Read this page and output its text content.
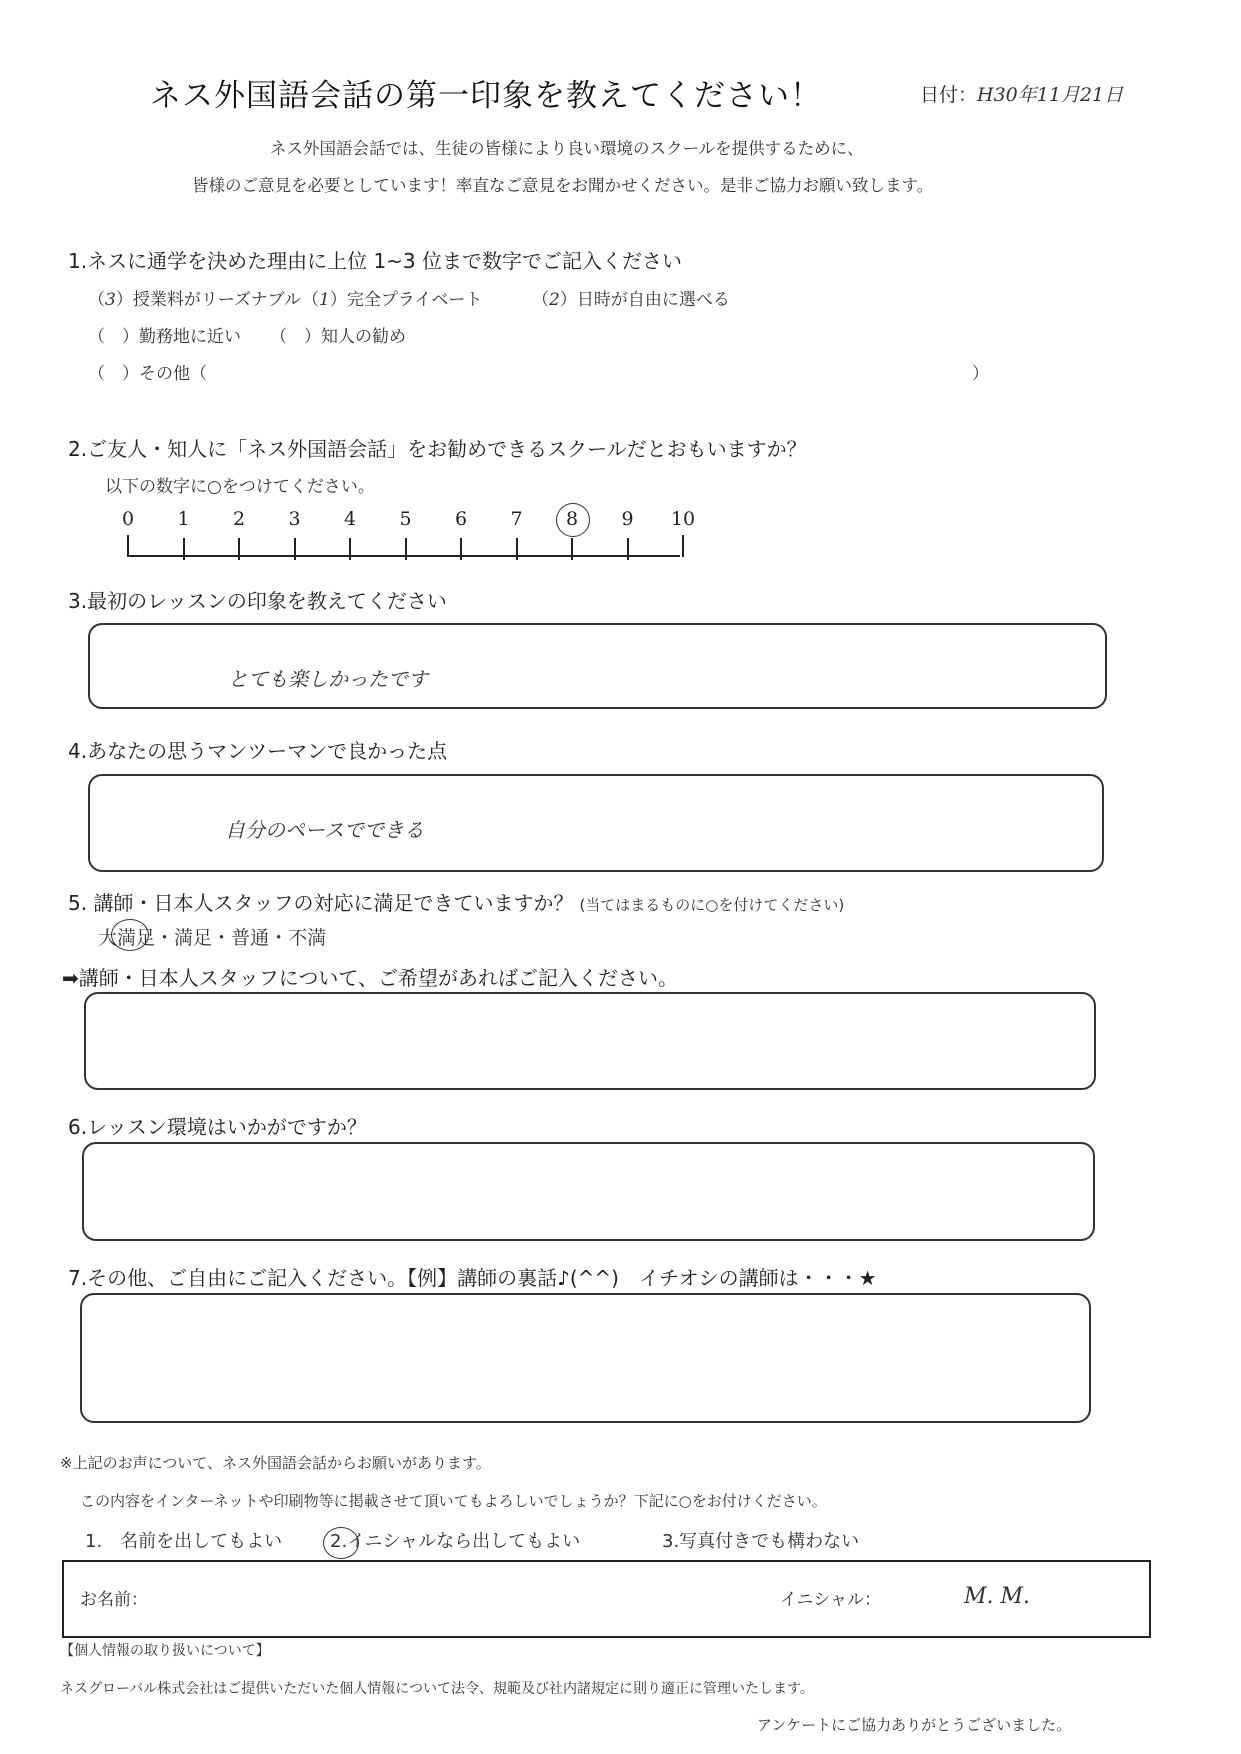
ネス外国語会話の第一印象を教えてください！	日付：H30年11月21日
ネス外国語会話では、生徒の皆様により良い環境のスクールを提供するために、
皆様のご意見を必要としています！率直なご意見をお聞かせください。是非ご協力お願い致します。
1.ネスに通学を決めた理由に上位 1~3 位まで数字でご記入ください
（3）授業料がリーズナブル （1）完全プライベート	（2）日時が自由に選べる
（　）勤務地に近い （　）知人の勧め
（　）その他（	）
2.ご友人・知人に「ネス外国語会話」をお勧めできるスクールだとおもいますか？
以下の数字に○をつけてください。
0	1	2	3	4	5	6	7	8	9	10
3.最初のレッスンの印象を教えてください
とても楽しかったです
4.あなたの思うマンツーマンで良かった点
自分のペースでできる
5. 講師・日本人スタッフの対応に満足できていますか？ (当てはまるものに○を付けてください)
大満足
・満足・普通・不満
➡講師・日本人スタッフについて、ご希望があればご記入ください。
6.レッスン環境はいかがですか？
7.その他、ご自由にご記入ください。【例】講師の裏話♪(^^)　イチオシの講師は・・・★
※上記のお声について、ネス外国語会話からお願いがあります。
この内容をインターネットや印刷物等に掲載させて頂いてもよろしいでしょうか？下記に○をお付けください。
1.　名前を出してもよい	2.
イニシャルなら出してもよい	3.写真付きでも構わない
お名前：	イニシャル：	M. M.
【個人情報の取り扱いについて】
ネスグローバル株式会社はご提供いただいた個人情報について法令、規範及び社内諸規定に則り適正に管理いたします。
アンケートにご協力ありがとうございました。
